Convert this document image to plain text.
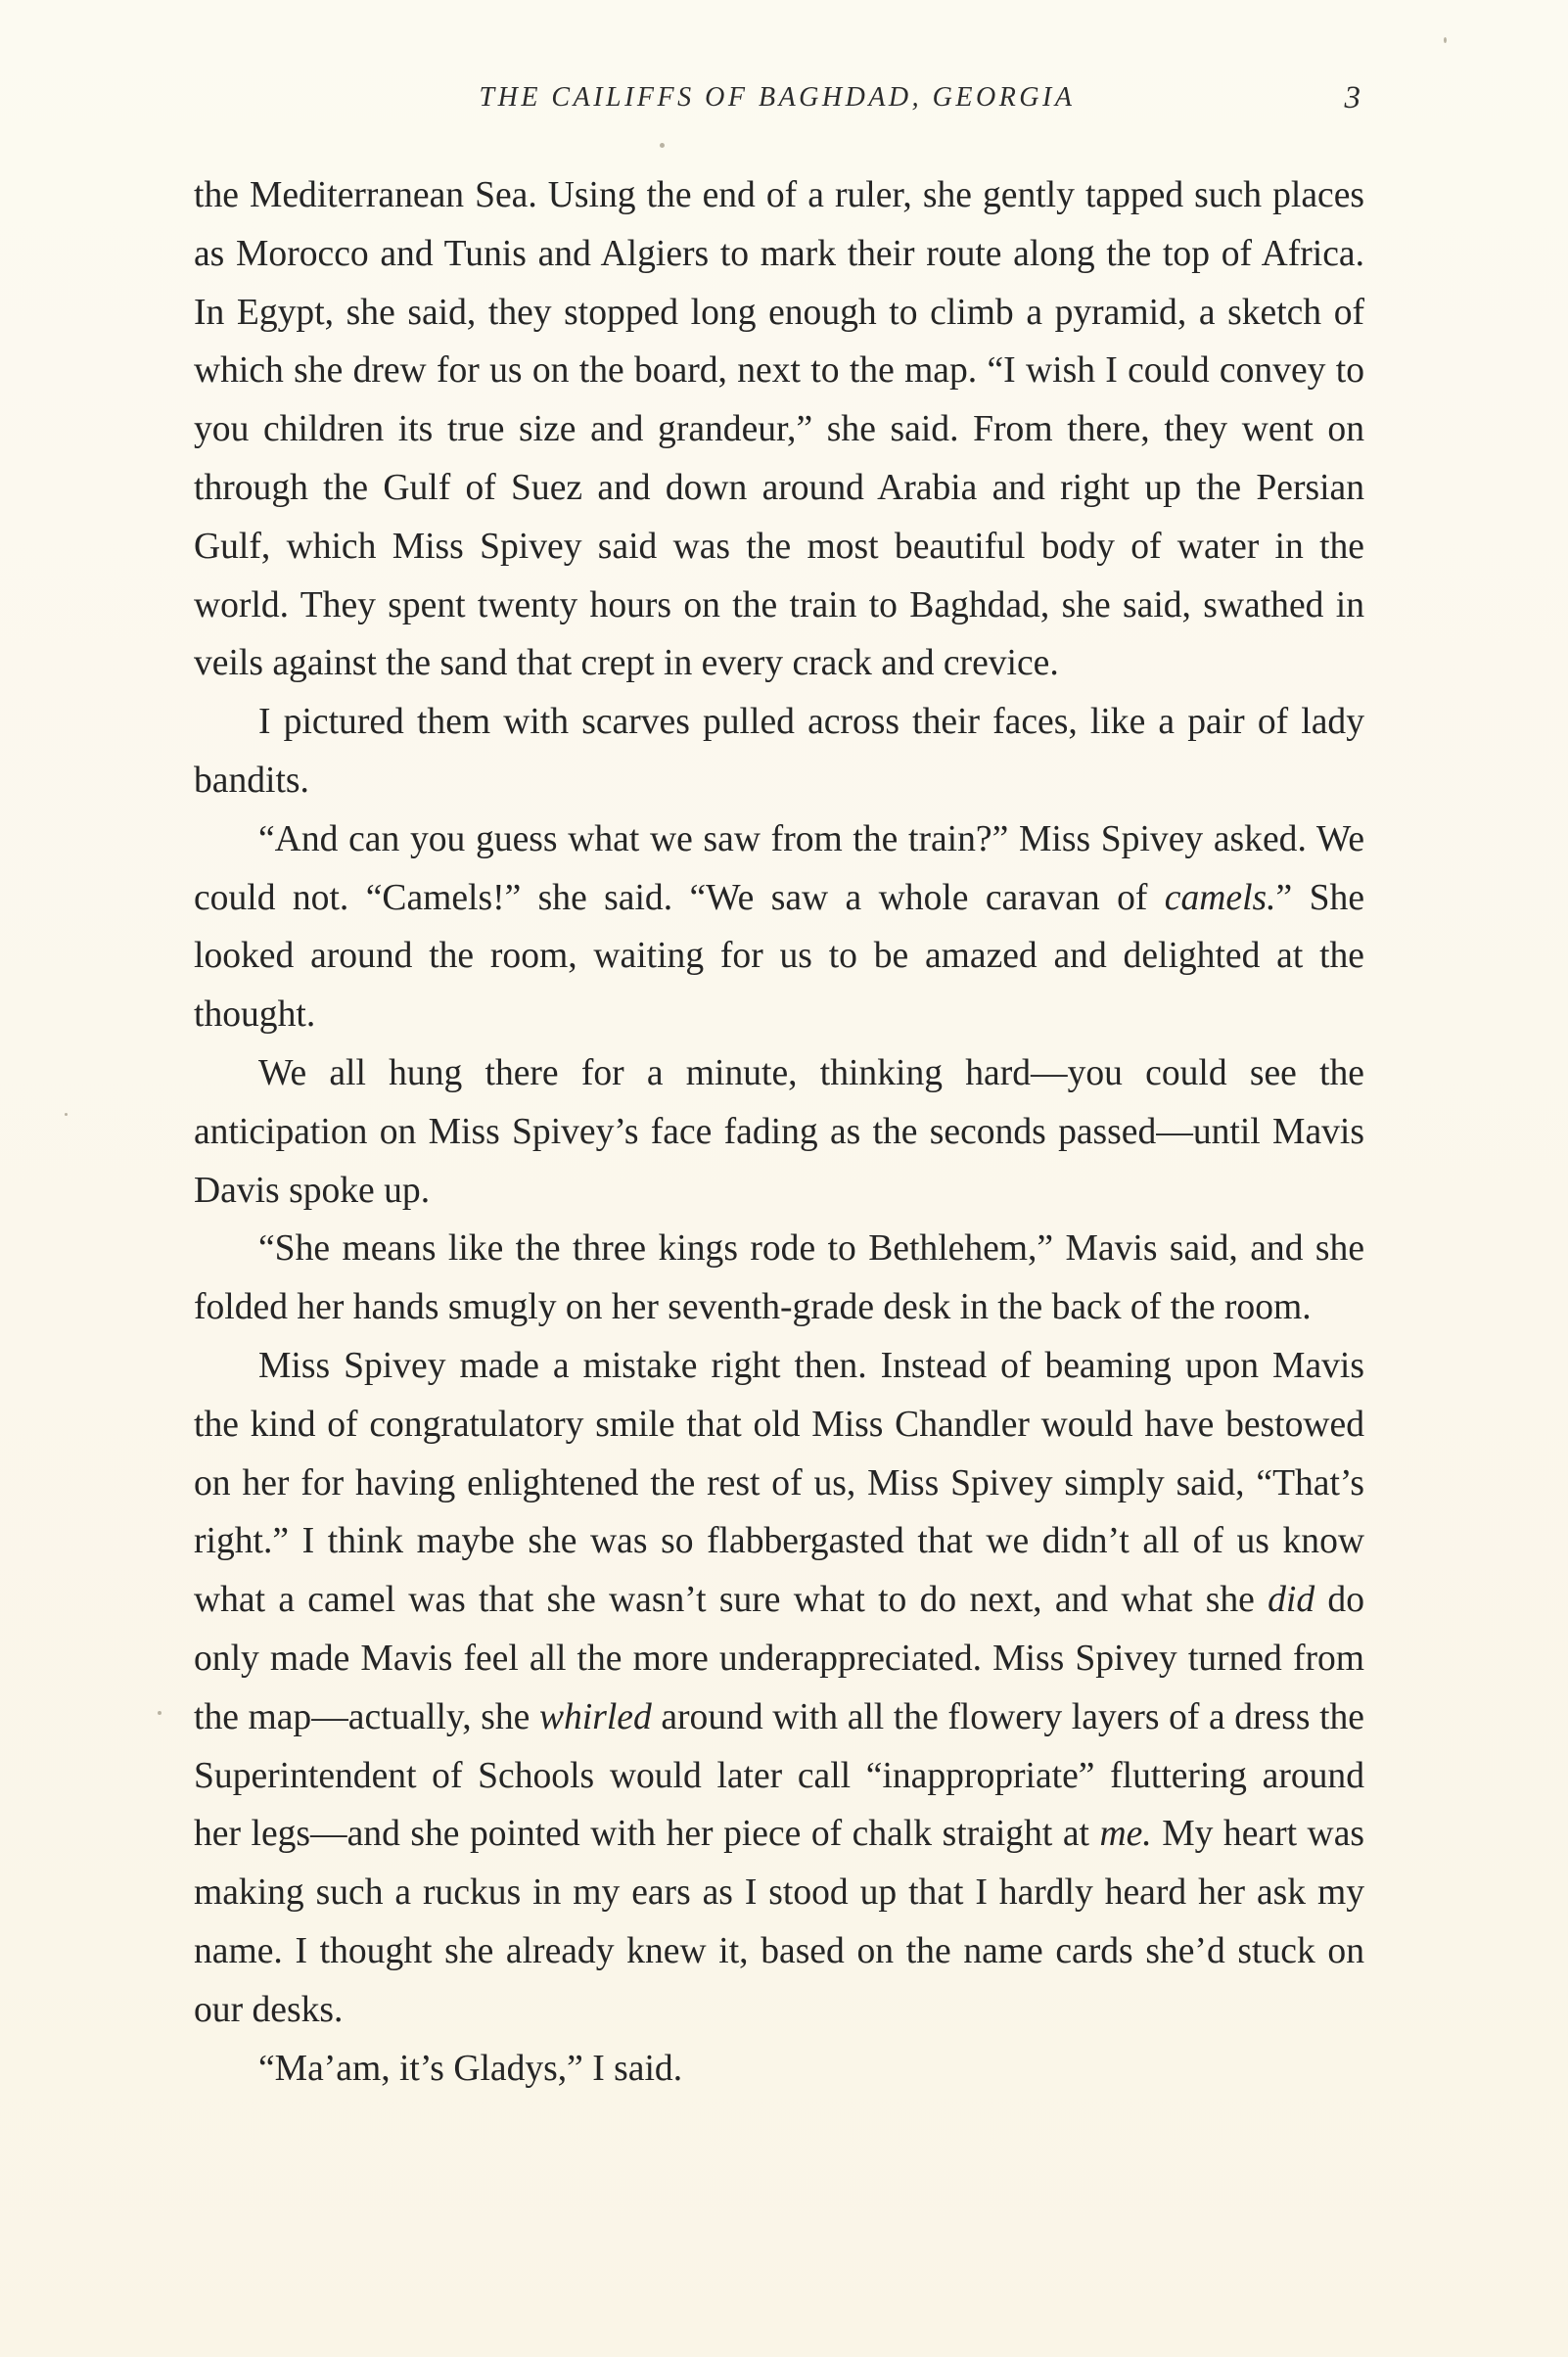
THE CAILIFFS OF BAGHDAD, GEORGIA	3

the Mediterranean Sea. Using the end of a ruler, she gently tapped such places as Morocco and Tunis and Algiers to mark their route along the top of Africa. In Egypt, she said, they stopped long enough to climb a pyramid, a sketch of which she drew for us on the board, next to the map. “I wish I could convey to you children its true size and grandeur,” she said. From there, they went on through the Gulf of Suez and down around Arabia and right up the Persian Gulf, which Miss Spivey said was the most beautiful body of water in the world. They spent twenty hours on the train to Baghdad, she said, swathed in veils against the sand that crept in every crack and crevice.

I pictured them with scarves pulled across their faces, like a pair of lady bandits.

“And can you guess what we saw from the train?” Miss Spivey asked. We could not. “Camels!” she said. “We saw a whole caravan of camels.” She looked around the room, waiting for us to be amazed and delighted at the thought.

We all hung there for a minute, thinking hard—you could see the anticipation on Miss Spivey’s face fading as the seconds passed—until Mavis Davis spoke up.

“She means like the three kings rode to Bethlehem,” Mavis said, and she folded her hands smugly on her seventh-grade desk in the back of the room.

Miss Spivey made a mistake right then. Instead of beaming upon Mavis the kind of congratulatory smile that old Miss Chandler would have bestowed on her for having enlightened the rest of us, Miss Spivey simply said, “That’s right.” I think maybe she was so flabbergasted that we didn’t all of us know what a camel was that she wasn’t sure what to do next, and what she did do only made Mavis feel all the more underappreciated. Miss Spivey turned from the map—actually, she whirled around with all the flowery layers of a dress the Superintendent of Schools would later call “inappropriate” fluttering around her legs—and she pointed with her piece of chalk straight at me. My heart was making such a ruckus in my ears as I stood up that I hardly heard her ask my name. I thought she already knew it, based on the name cards she’d stuck on our desks.

“Ma’am, it’s Gladys,” I said.
